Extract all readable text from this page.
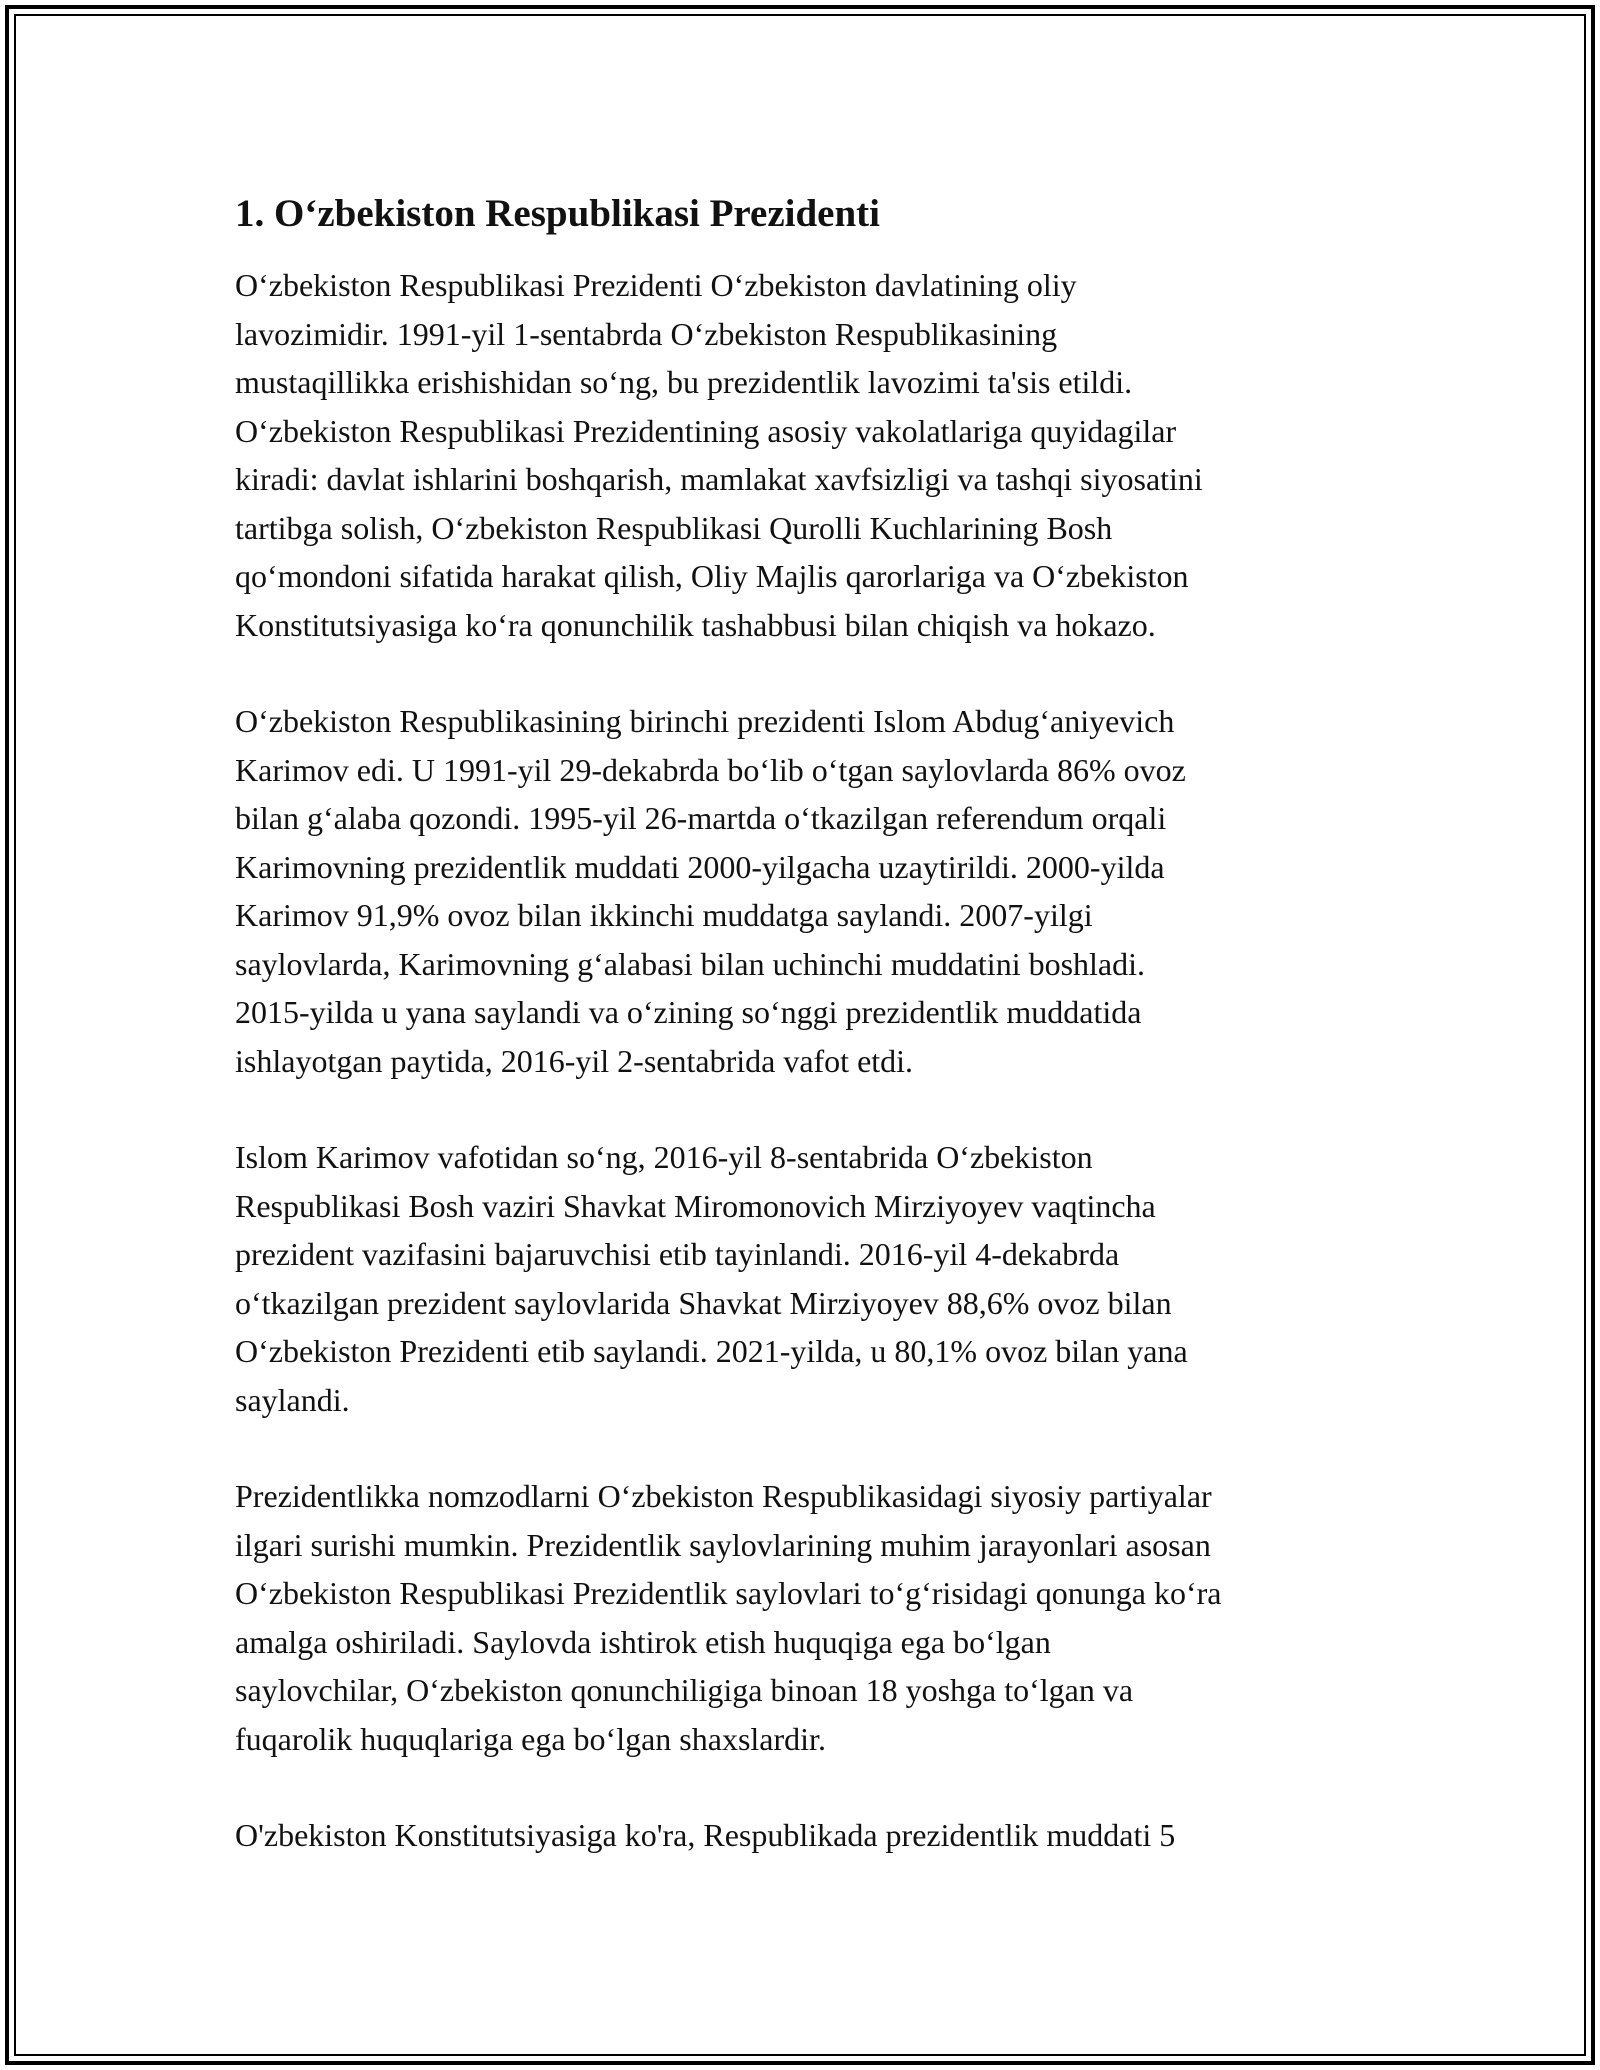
1. O‘zbekiston Respublikasi Prezidenti

O‘zbekiston Respublikasi Prezidenti O‘zbekiston davlatining oliy
lavozimidir. 1991-yil 1-sentabrda O‘zbekiston Respublikasining
mustaqillikka erishishidan so‘ng, bu prezidentlik lavozimi ta'sis etildi.
O‘zbekiston Respublikasi Prezidentining asosiy vakolatlariga quyidagilar
kiradi: davlat ishlarini boshqarish, mamlakat xavfsizligi va tashqi siyosatini
tartibga solish, O‘zbekiston Respublikasi Qurolli Kuchlarining Bosh
qo‘mondoni sifatida harakat qilish, Oliy Majlis qarorlariga va O‘zbekiston
Konstitutsiyasiga ko‘ra qonunchilik tashabbusi bilan chiqish va hokazo.

O‘zbekiston Respublikasining birinchi prezidenti Islom Abdug‘aniyevich
Karimov edi. U 1991-yil 29-dekabrda bo‘lib o‘tgan saylovlarda 86% ovoz
bilan g‘alaba qozondi. 1995-yil 26-martda o‘tkazilgan referendum orqali
Karimovning prezidentlik muddati 2000-yilgacha uzaytirildi. 2000-yilda
Karimov 91,9% ovoz bilan ikkinchi muddatga saylandi. 2007-yilgi
saylovlarda, Karimovning g‘alabasi bilan uchinchi muddatini boshladi.
2015-yilda u yana saylandi va o‘zining so‘nggi prezidentlik muddatida
ishlayotgan paytida, 2016-yil 2-sentabrida vafot etdi.

Islom Karimov vafotidan so‘ng, 2016-yil 8-sentabrida O‘zbekiston
Respublikasi Bosh vaziri Shavkat Miromonovich Mirziyoyev vaqtincha
prezident vazifasini bajaruvchisi etib tayinlandi. 2016-yil 4-dekabrda
o‘tkazilgan prezident saylovlarida Shavkat Mirziyoyev 88,6% ovoz bilan
O‘zbekiston Prezidenti etib saylandi. 2021-yilda, u 80,1% ovoz bilan yana
saylandi.

Prezidentlikka nomzodlarni O‘zbekiston Respublikasidagi siyosiy partiyalar
ilgari surishi mumkin. Prezidentlik saylovlarining muhim jarayonlari asosan
O‘zbekiston Respublikasi Prezidentlik saylovlari to‘g‘risidagi qonunga ko‘ra
amalga oshiriladi. Saylovda ishtirok etish huquqiga ega bo‘lgan
saylovchilar, O‘zbekiston qonunchiligiga binoan 18 yoshga to‘lgan va
fuqarolik huquqlariga ega bo‘lgan shaxslardir.

O'zbekiston Konstitutsiyasiga ko'ra, Respublikada prezidentlik muddati 5
